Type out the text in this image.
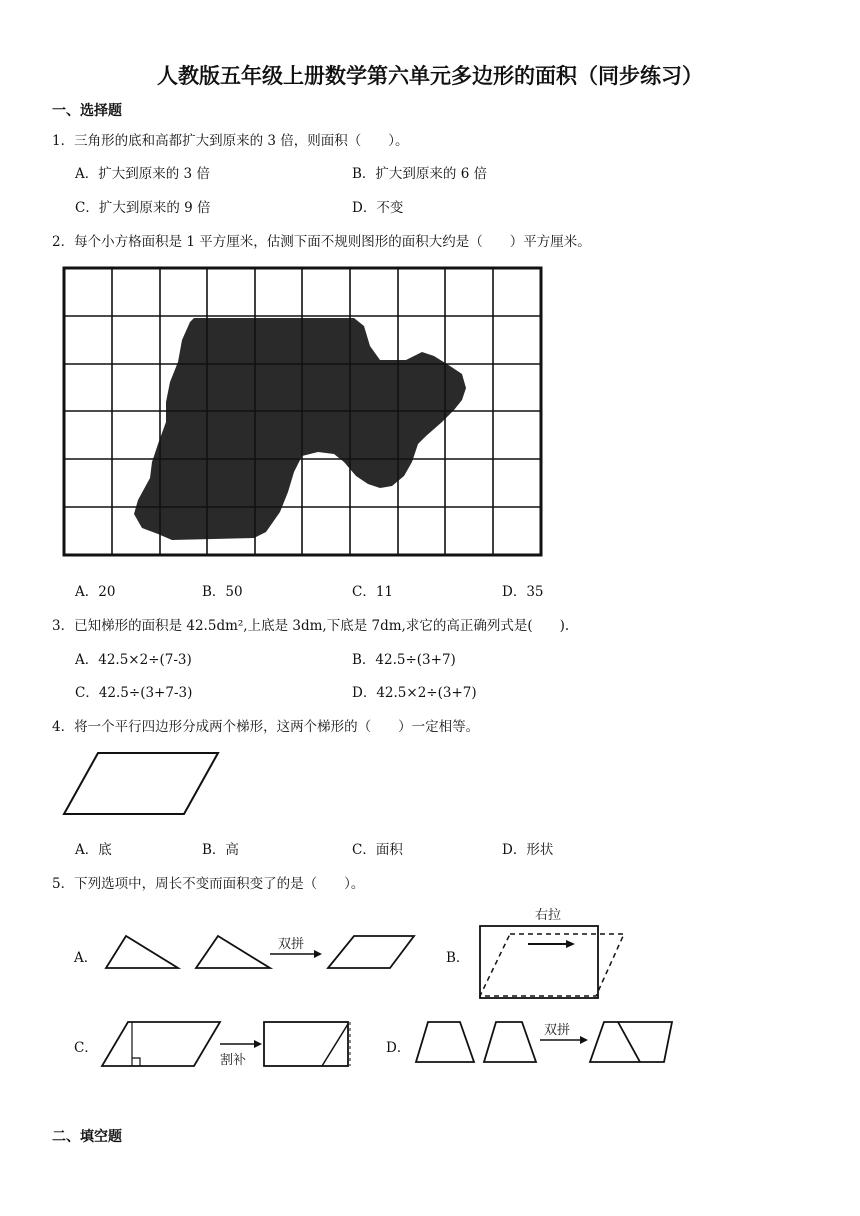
人教版五年级上册数学第六单元多边形的面积（同步练习）
一、选择题
1．三角形的底和高都扩大到原来的 3 倍，则面积（　　）。
A．扩大到原来的 3 倍	B．扩大到原来的 6 倍
C．扩大到原来的 9 倍	D．不变
2．每个小方格面积是 1 平方厘米，估测下面不规则图形的面积大约是（　　）平方厘米。
A．20	B．50	C．11	D．35
3．已知梯形的面积是 42.5dm²,上底是 3dm,下底是 7dm,求它的高正确列式是(　　).
A．42.5×2÷(7-3)	B．42.5÷(3+7)
C．42.5÷(3+7-3)	D．42.5×2÷(3+7)
4．将一个平行四边形分成两个梯形，这两个梯形的（　　）一定相等。
A．底	B．高	C．面积	D．形状
5．下列选项中，周长不变而面积变了的是（　　）。
A．	B．
C．	D．
双拼
右拉
割补
双拼
二、填空题
